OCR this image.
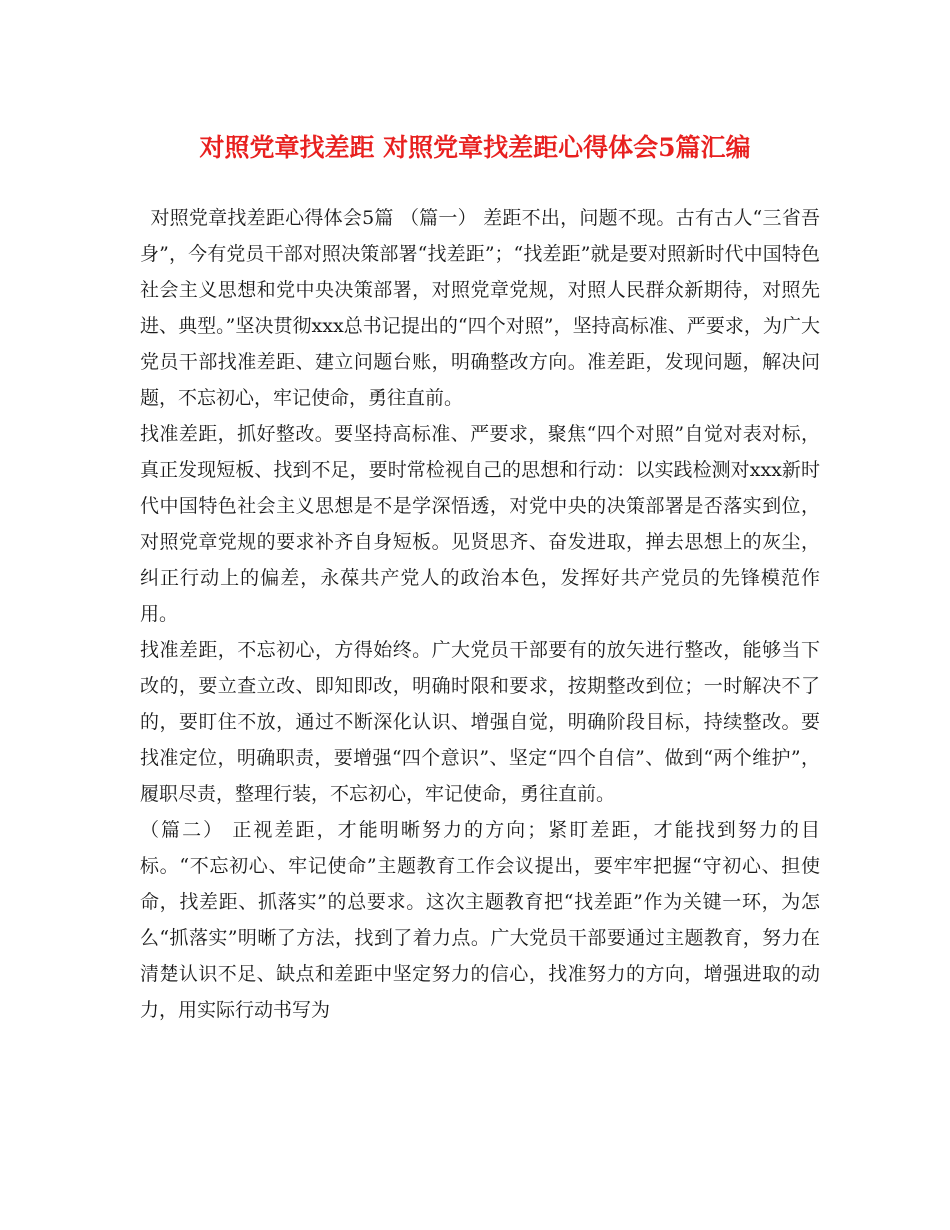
对照党章找差距 对照党章找差距心得体会5篇汇编

对照党章找差距心得体会5篇 （篇一） 差距不出，问题不现。古有古人“三省吾身”，今有党员干部对照决策部署“找差距”；“找差距”就是要对照新时代中国特色社会主义思想和党中央决策部署，对照党章党规，对照人民群众新期待，对照先进、典型。”坚决贯彻xxx总书记提出的“四个对照”，坚持高标准、严要求，为广大党员干部找准差距、建立问题台账，明确整改方向。准差距，发现问题，解决问题，不忘初心，牢记使命，勇往直前。

找准差距，抓好整改。要坚持高标准、严要求，聚焦“四个对照”自觉对表对标，真正发现短板、找到不足，要时常检视自己的思想和行动：以实践检测对xxx新时代中国特色社会主义思想是不是学深悟透，对党中央的决策部署是否落实到位，对照党章党规的要求补齐自身短板。见贤思齐、奋发进取，掸去思想上的灰尘，纠正行动上的偏差，永葆共产党人的政治本色，发挥好共产党员的先锋模范作用。

找准差距，不忘初心，方得始终。广大党员干部要有的放矢进行整改，能够当下改的，要立查立改、即知即改，明确时限和要求，按期整改到位；一时解决不了的，要盯住不放，通过不断深化认识、增强自觉，明确阶段目标，持续整改。要找准定位，明确职责，要增强“四个意识”、坚定“四个自信”、做到“两个维护”，履职尽责，整理行装，不忘初心，牢记使命，勇往直前。

（篇二） 正视差距，才能明晰努力的方向；紧盯差距，才能找到努力的目标。“不忘初心、牢记使命”主题教育工作会议提出，要牢牢把握“守初心、担使命，找差距、抓落实”的总要求。这次主题教育把“找差距”作为关键一环，为怎么“抓落实”明晰了方法，找到了着力点。广大党员干部要通过主题教育，努力在清楚认识不足、缺点和差距中坚定努力的信心，找准努力的方向，增强进取的动力，用实际行动书写为
